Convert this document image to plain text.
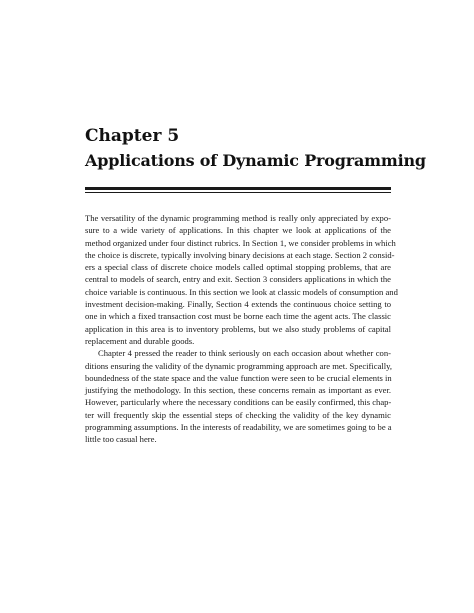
Chapter 5
Applications of Dynamic Programming
The versatility of the dynamic programming method is really only appreciated by expo-
sure to a wide variety of applications. In this chapter we look at applications of the
method organized under four distinct rubrics. In Section 1, we consider problems in which
the choice is discrete, typically involving binary decisions at each stage. Section 2 consid-
ers a special class of discrete choice models called optimal stopping problems, that are
central to models of search, entry and exit. Section 3 considers applications in which the
choice variable is continuous. In this section we look at classic models of consumption and
investment decision-making. Finally, Section 4 extends the continuous choice setting to
one in which a fixed transaction cost must be borne each time the agent acts. The classic
application in this area is to inventory problems, but we also study problems of capital
replacement and durable goods.
Chapter 4 pressed the reader to think seriously on each occasion about whether con-
ditions ensuring the validity of the dynamic programming approach are met. Specifically,
boundedness of the state space and the value function were seen to be crucial elements in
justifying the methodology. In this section, these concerns remain as important as ever.
However, particularly where the necessary conditions can be easily confirmed, this chap-
ter will frequently skip the essential steps of checking the validity of the key dynamic
programming assumptions. In the interests of readability, we are sometimes going to be a
little too casual here.
